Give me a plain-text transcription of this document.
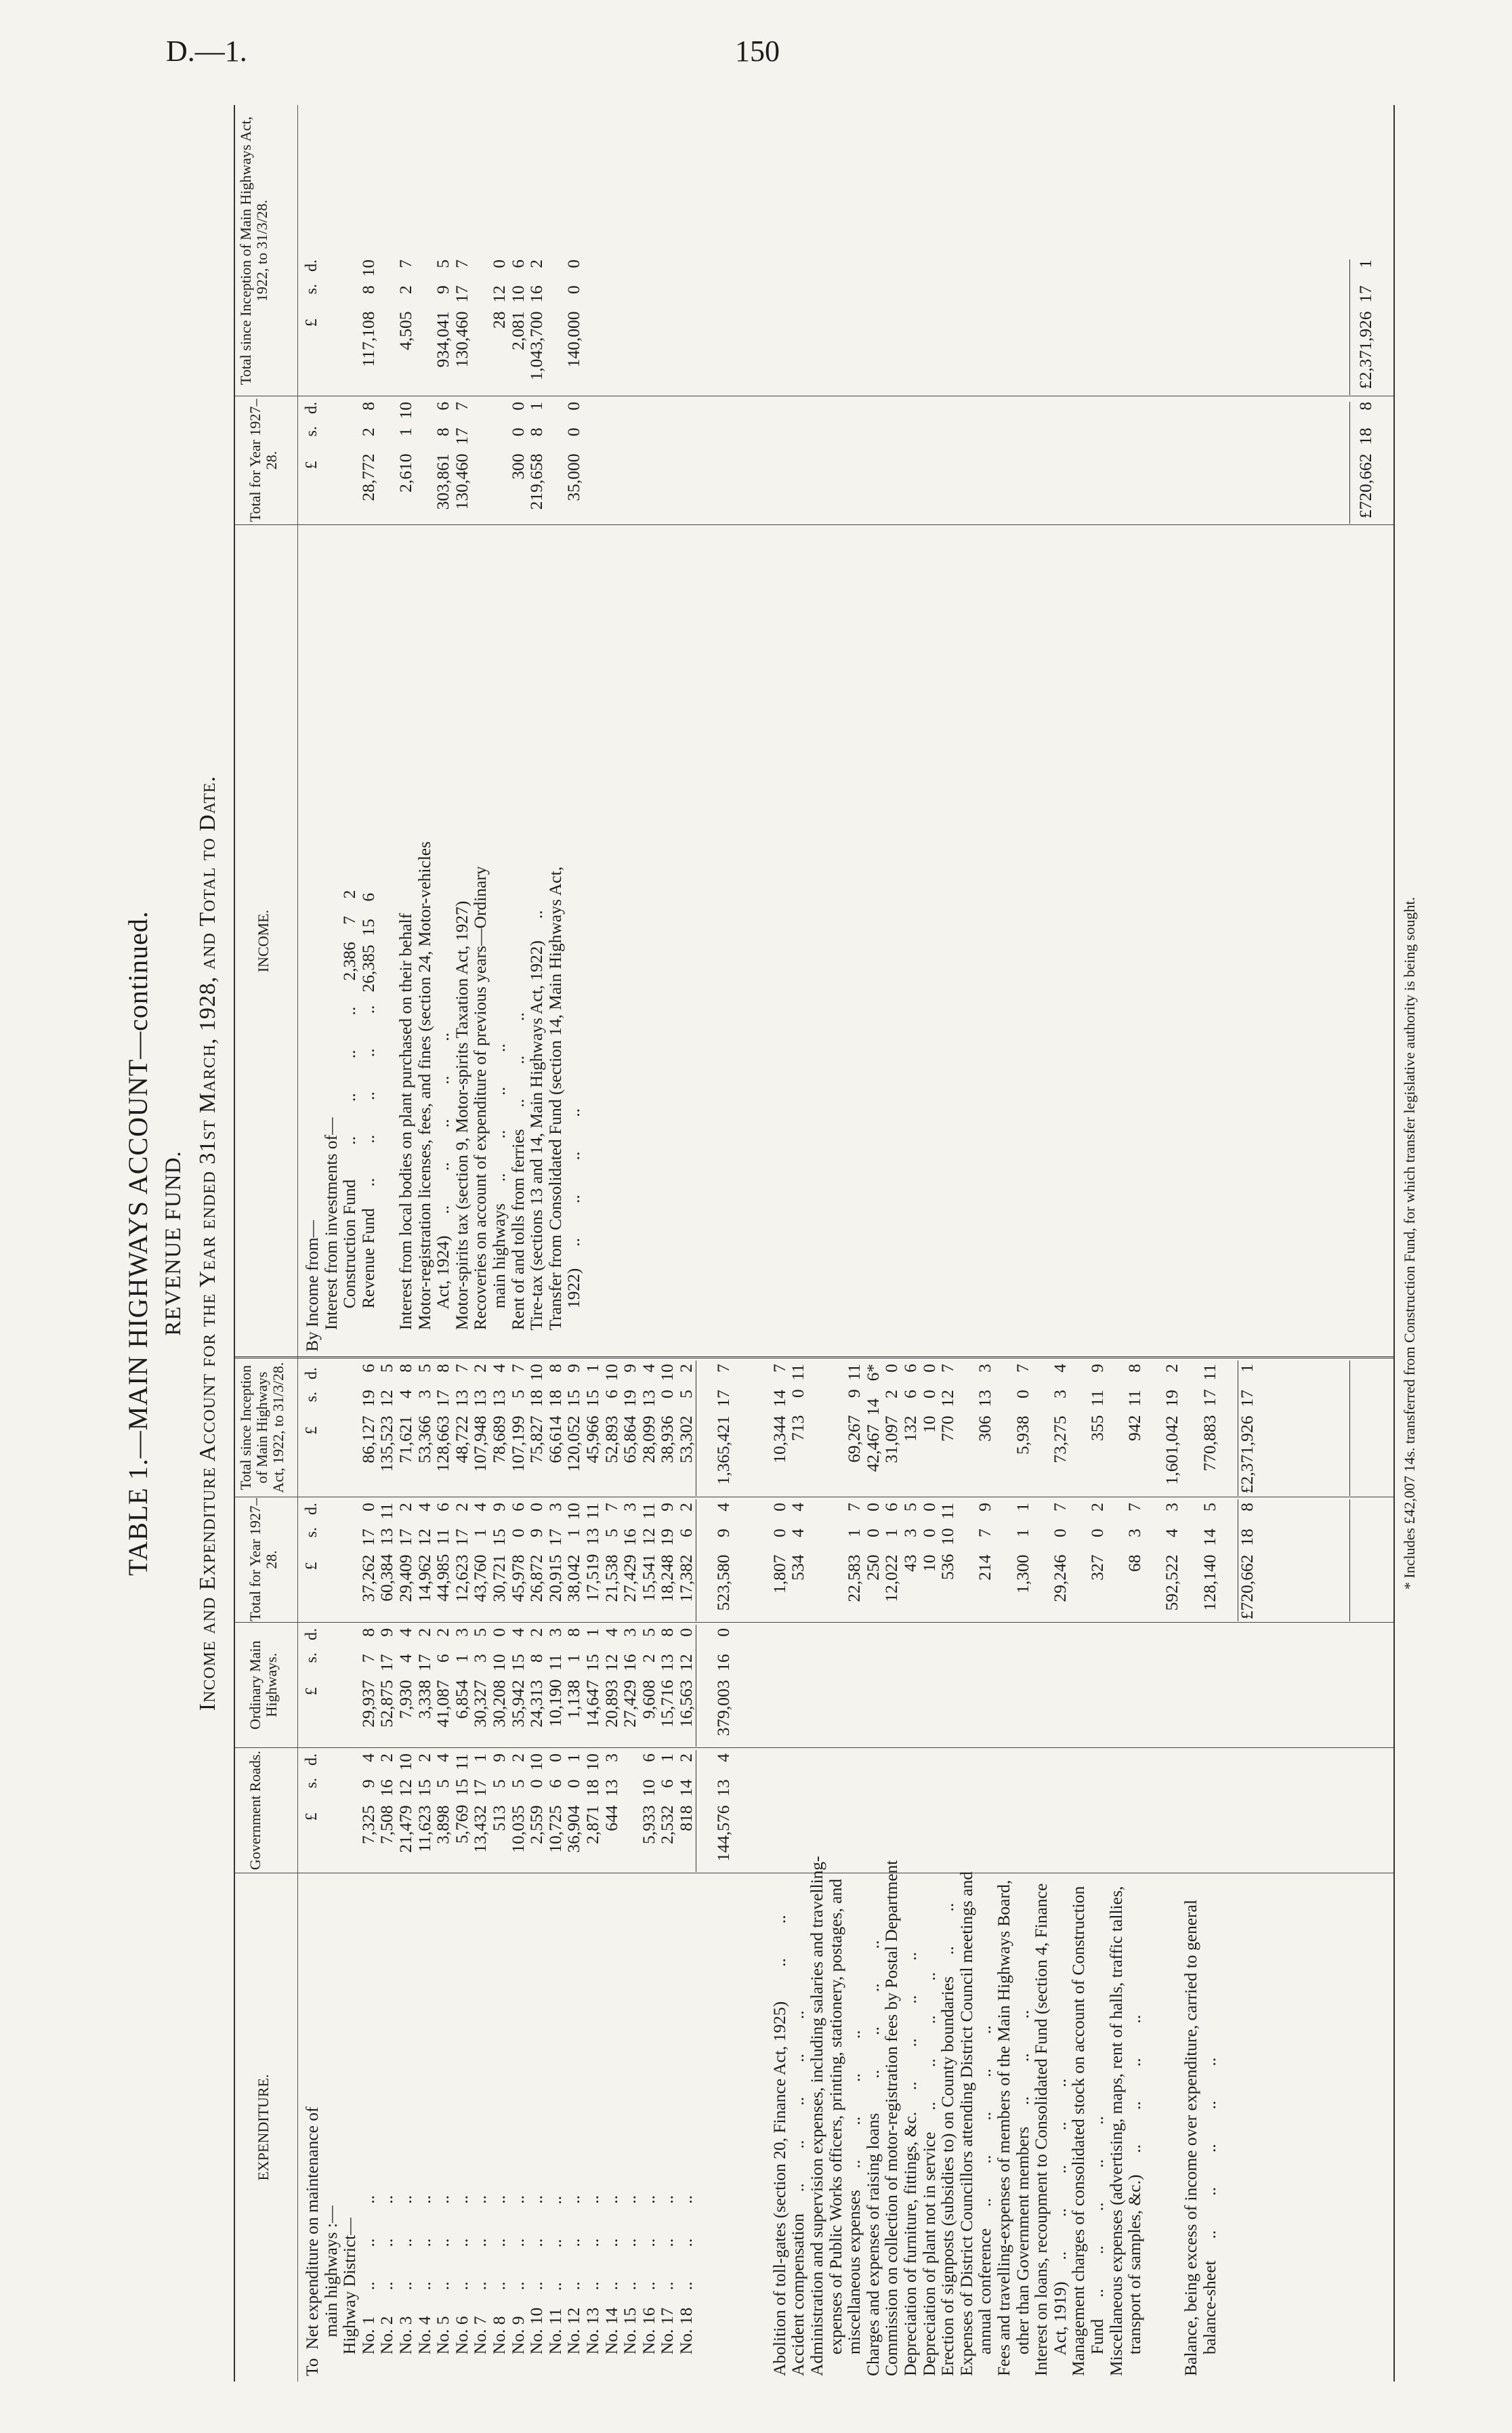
D.—1.	150
TABLE 1.—MAIN HIGHWAYS ACCOUNT—continued. REVENUE FUND. Income and Expenditure Account for the Year ended 31st March, 1928, and Total to Date.
EXPENDITURE.
Government Roads.
Ordinary Main Highways.
Total for Year 1927–28.
Total since Inception of Main Highways Act, 1922, to 31/3/28.
INCOME.
Total for Year 1927–28.
Total since Inception of Main Highways Act, 1922, to 31/3/28.
£      s.   d.
£      s.   d.
£      s.   d.
£      s.   d.
£      s.   d.
£      s.   d.
To  Net expenditure on maintenance of
main highways :—
Highway District—
No. 1      ..        ..        ..
No. 2      ..        ..        ..
No. 3      ..        ..        ..
No. 4      ..        ..        ..
No. 5      ..        ..        ..
No. 6      ..        ..        ..
No. 7      ..        ..        ..
No. 8      ..        ..        ..
No. 9      ..        ..        ..
No. 10    ..        ..        ..
No. 11    ..        ..        ..
No. 12    ..        ..        ..
No. 13    ..        ..        ..
No. 14    ..        ..        ..
No. 15    ..        ..        ..
No. 16    ..        ..        ..
No. 17    ..        ..        ..
No. 18    ..        ..        ..

	Abolition of toll-gates (section 20, Finance Act, 1925)        ..        ..
Accident compensation     ..        ..        ..        ..        ..
Administration and supervision expenses, including salaries and travelling-
expenses of Public Works officers, printing, stationery, postages, and
miscellaneous expenses     ..        ..        ..        ..
Charges and expenses of raising loans        ..        ..        ..        ..
Commission on collection of motor-registration fees by Postal Department
Depreciation of furniture, fittings, &c.     ..        ..        ..        ..
Depreciation of plant not in service     ..        ..        ..        ..
Erection of signposts (subsidies to) on County boundaries     ..        ..
Expenses of District Councillors attending District Council meetings and
annual conference     ..        ..        ..        ..        ..
Fees and travelling-expenses of members of the Main Highways Board,
other than Government members     ..        ..        ..
Interest on loans, recoupment to Consolidated Fund (section 4, Finance
Act, 1919)     ..        ..        ..        ..        ..
Management charges of consolidated stock on account of Construction
Fund     ..        ..        ..        ..        ..
Miscellaneous expenses (advertising, maps, rent of halls, traffic tallies,
transport of samples, &c.)     ..        ..        ..        ..

Balance, being excess of income over expenditure, carried to general
balance-sheet     ..        ..        ..        ..        ..

7,325    9    4
7,508  16    2
21,479  12  10
11,623  15    2
3,898    5    4
5,769  15  11
13,432  17    1
513    5    9
10,035    5    2
2,559    0  10
10,725    6    0
36,904    0    1
2,871  18  10
644  13    3
5,933  10    6
2,532    6    1
818  14    2
144,576  13    4

29,937    7    8
52,875  17    9
7,930    4    4
3,338  17    2
41,087    6    2
6,854    1    3
30,327    3    5
30,208  10    0
35,942  15    4
24,313    8    2
10,190  11    3
1,138    1    8
14,647  15    1
20,893  12    4
27,429  16    3
9,608    2    5
15,716  13    8
16,563  12    0
379,003  16    0

37,262  17    0
60,384  13  11
29,409  17    2
14,962  12    4
44,985  11    6
12,623  17    2
43,760    1    4
30,721  15    9
45,978    0    6
26,872    9    0
20,915  17    3
38,042    1  10
17,519  13  11
21,538    5    7
27,429  16    3
15,541  12  11
18,248  19    9
17,382    6    2
523,580    9    4

1,807    0    0
534    4    4

22,583    1    7
250    0    0
12,022    1    6
43    3    5
10    0    0
536  10  11
214    7    9
1,300    1    1
29,246    0    7
327    0    2
68    3    7
592,522    4    3
128,140  14    5
£720,662  18    8

86,127  19    6
135,523  12    5
71,621    4    8
53,366    3    5
128,663  17    8
48,722  13    7
107,948  13    2
78,689  13    4
107,199    5    7
75,827  18  10
66,614  18    8
120,052  15    9
45,966  15    1
52,893    6  10
65,864  19    9
28,099  13    4
38,936    0  10
53,302    5    2
1,365,421  17    7

10,344  14    7
713    0  11

69,267    9  11
42,467  14    6*
31,097    2    0
132    6    6
10    0    0
770  12    7
306  13    3
5,938    0    7
73,275    3    4
355  11    9
942  11    8
1,601,042  19    2
770,883  17  11
£2,371,926  17    1
By Income from—
Interest from investments of—
Construction Fund        ..        ..        ..        ..      2,386    7    2
Revenue Fund     ..        ..        ..        ..        ..   26,385  15    6
Interest from local bodies on plant purchased on their behalf
Motor-registration licenses, fees, and fines (section 24, Motor-vehicles
Act, 1924)     ..        ..        ..        ..        ..
Motor-spirits tax (section 9, Motor-spirits Taxation Act, 1927)
Recoveries on account of expenditure of previous years—Ordinary
main highways     ..        ..        ..        ..
Rent of and tolls from ferries     ..        ..        ..
Tire-tax (sections 13 and 14, Main Highways Act, 1922)     ..
Transfer from Consolidated Fund (section 14, Main Highways Act,
1922)     ..        ..        ..        ..

28,772    2    8
2,610    1  10
303,861    8    6
130,460  17    7

300    0    0
219,658    8    1
35,000    0    0

117,108    8  10
4,505    2    7
934,041    9    5
130,460  17    7
28  12    0
2,081  10    6
1,043,700  16    2
140,000    0    0
£720,662  18    8
£2,371,926  17    1
* Includes £42,007 14s. transferred from Construction Fund, for which transfer legislative authority is being sought.
